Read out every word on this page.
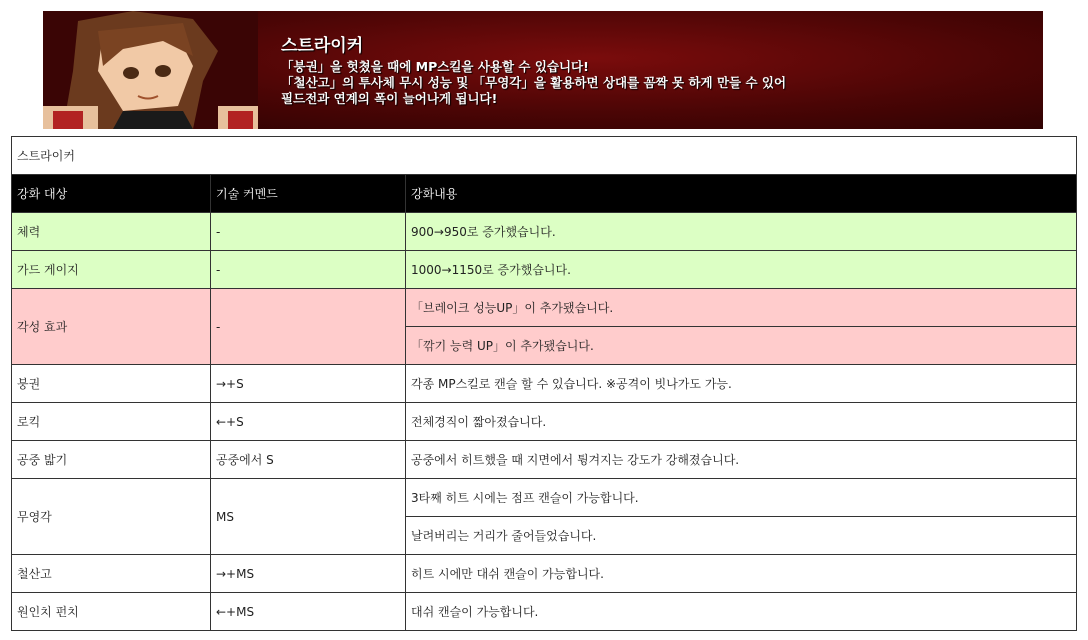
스트라이커
「붕권」을 헛쳤을 때에 MP스킬을 사용할 수 있습니다!
「철산고」의 투사체 무시 성능 및 「무영각」을 활용하면 상대를 꼼짝 못 하게 만들 수 있어
필드전과 연계의 폭이 늘어나게 됩니다!
스트라이커		
강화 대상	기술 커멘드	강화내용
체력	-	900→950로 증가했습니다.
가드 게이지	-	1000→1150로 증가했습니다.
각성 효과	-	「브레이크 성능UP」이 추가됐습니다.
		「깎기 능력 UP」이 추가됐습니다.
붕권	→+S	각종 MP스킬로 캔슬 할 수 있습니다. ※공격이 빗나가도 가능.
로킥	←+S	전체경직이 짧아졌습니다.
공중 밟기	공중에서 S	공중에서 히트했을 때 지면에서 튕겨지는 강도가 강해졌습니다.
무영각	MS	3타째 히트 시에는 점프 캔슬이 가능합니다.
		날려버리는 거리가 줄어들었습니다.
철산고	→+MS	히트 시에만 대쉬 캔슬이 가능합니다.
원인치 펀치	←+MS	대쉬 캔슬이 가능합니다.
